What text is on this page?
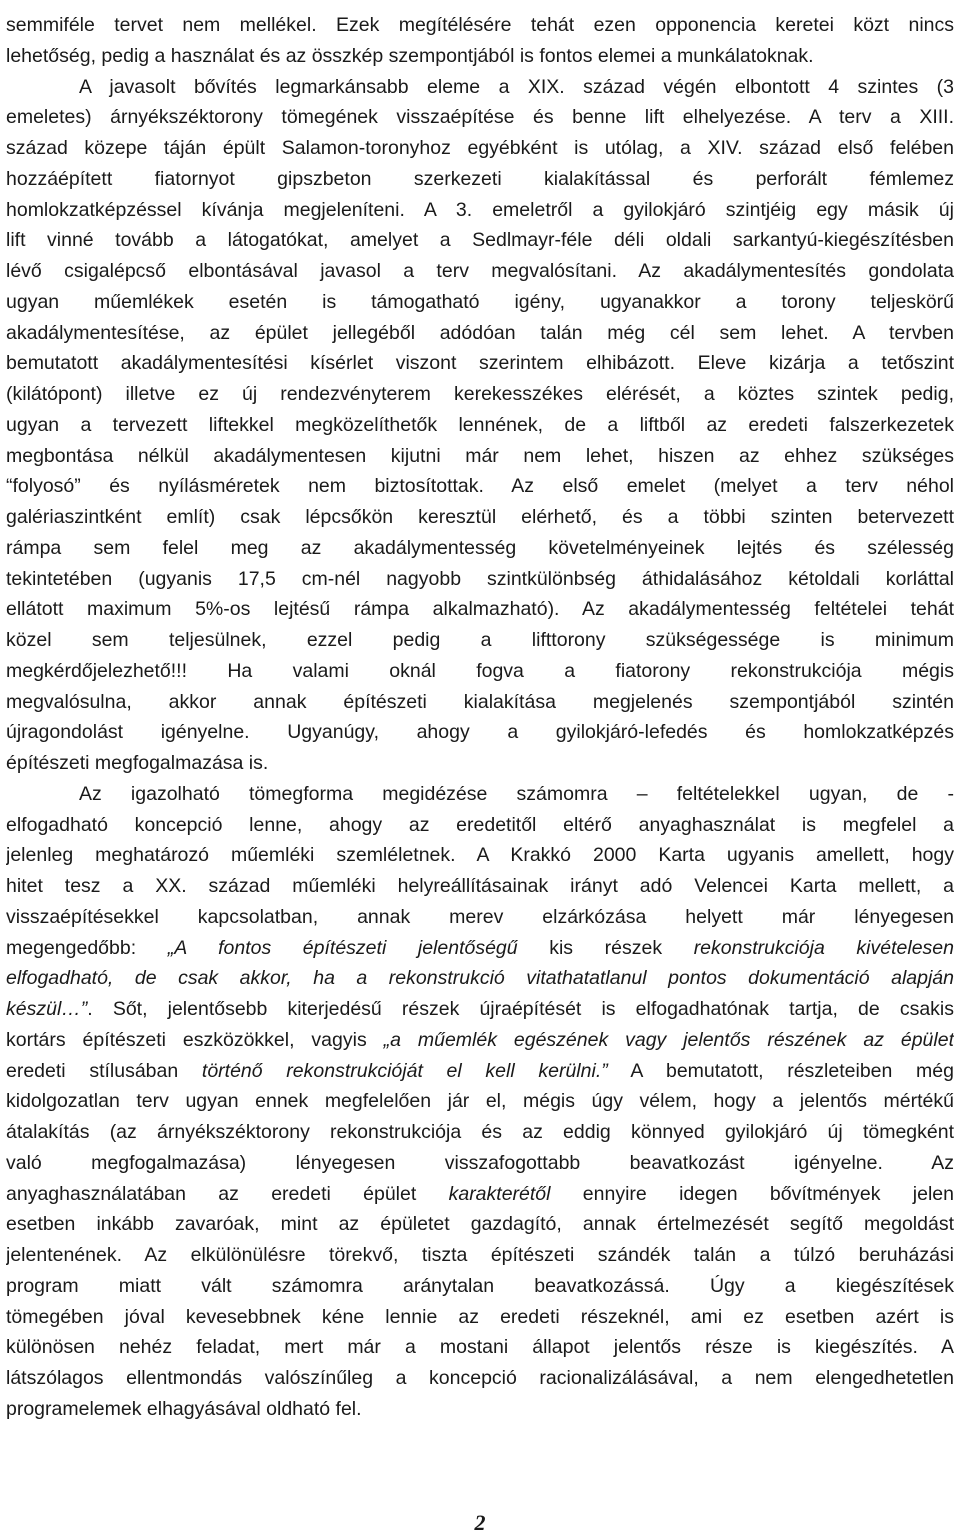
semmiféle tervet nem mellékel. Ezek megítélésére tehát ezen opponencia keretei közt nincs
lehetőség, pedig a használat és az összkép szempontjából is fontos elemei a munkálatoknak.
A javasolt bővítés legmarkánsabb eleme a XIX. század végén elbontott 4 szintes (3
emeletes) árnyékszéktorony tömegének visszaépítése és benne lift elhelyezése. A terv a XIII.
század közepe táján épült Salamon-toronyhoz egyébként is utólag, a XIV. század első felében
hozzáépített fiatornyot gipszbeton szerkezeti kialakítással és perforált fémlemez
homlokzatképzéssel kívánja megjeleníteni. A 3. emeletről a gyilokjáró szintjéig egy másik új
lift vinné tovább a látogatókat, amelyet a Sedlmayr-féle déli oldali sarkantyú-kiegészítésben
lévő csigalépcső elbontásával javasol a terv megvalósítani. Az akadálymentesítés gondolata
ugyan műemlékek esetén is támogatható igény, ugyanakkor a torony teljeskörű
akadálymentesítése, az épület jellegéből adódóan talán még cél sem lehet. A tervben
bemutatott akadálymentesítési kísérlet viszont szerintem elhibázott. Eleve kizárja a tetőszint
(kilátópont) illetve ez új rendezvényterem kerekesszékes elérését, a köztes szintek pedig,
ugyan a tervezett liftekkel megközelíthetők lennének, de a liftből az eredeti falszerkezetek
megbontása nélkül akadálymentesen kijutni már nem lehet, hiszen az ehhez szükséges
“folyosó” és nyílásméretek nem biztosítottak. Az első emelet (melyet a terv néhol
galériaszintként említ) csak lépcsőkön keresztül elérhető, és a többi szinten betervezett
rámpa sem felel meg az akadálymentesség követelményeinek lejtés és szélesség
tekintetében (ugyanis 17,5 cm-nél nagyobb szintkülönbség áthidalásához kétoldali korláttal
ellátott maximum 5%-os lejtésű rámpa alkalmazható). Az akadálymentesség feltételei tehát
közel sem teljesülnek, ezzel pedig a lifttorony szükségessége is minimum
megkérdőjelezhető!!! Ha valami oknál fogva a fiatorony rekonstrukciója mégis
megvalósulna, akkor annak építészeti kialakítása megjelenés szempontjából szintén
újragondolást igényelne. Ugyanúgy, ahogy a gyilokjáró-lefedés és homlokzatképzés
építészeti megfogalmazása is.
Az igazolható tömegforma megidézése számomra – feltételekkel ugyan, de -
elfogadható koncepció lenne, ahogy az eredetitől eltérő anyaghasználat is megfelel a
jelenleg meghatározó műemléki szemléletnek. A Krakkó 2000 Karta ugyanis amellett, hogy
hitet tesz a XX. század műemléki helyreállításainak irányt adó Velencei Karta mellett, a
visszaépítésekkel kapcsolatban, annak merev elzárkózása helyett már lényegesen
megengedőbb: „A fontos építészeti jelentőségű kis részek rekonstrukciója kivételesen
elfogadható, de csak akkor, ha a rekonstrukció vitathatatlanul pontos dokumentáció alapján
készül…”. Sőt, jelentősebb kiterjedésű részek újraépítését is elfogadhatónak tartja, de csakis
kortárs építészeti eszközökkel, vagyis „a műemlék egészének vagy jelentős részének az épület
eredeti stílusában történő rekonstrukcióját el kell kerülni.” A bemutatott, részleteiben még
kidolgozatlan terv ugyan ennek megfelelően jár el, mégis úgy vélem, hogy a jelentős mértékű
átalakítás (az árnyékszéktorony rekonstrukciója és az eddig könnyed gyilokjáró új tömegként
való megfogalmazása) lényegesen visszafogottabb beavatkozást igényelne. Az
anyaghasználatában az eredeti épület karakterétől ennyire idegen bővítmények jelen
esetben inkább zavaróak, mint az épületet gazdagító, annak értelmezését segítő megoldást
jelentenének. Az elkülönülésre törekvő, tiszta építészeti szándék talán a túlzó beruházási
program miatt vált számomra aránytalan beavatkozássá. Úgy a kiegészítések
tömegében jóval kevesebbnek kéne lennie az eredeti részeknél, ami ez esetben azért is
különösen nehéz feladat, mert már a mostani állapot jelentős része is kiegészítés. A
látszólagos ellentmondás valószínűleg a koncepció racionalizálásával, a nem elengedhetetlen
programelemek elhagyásával oldható fel.
2
